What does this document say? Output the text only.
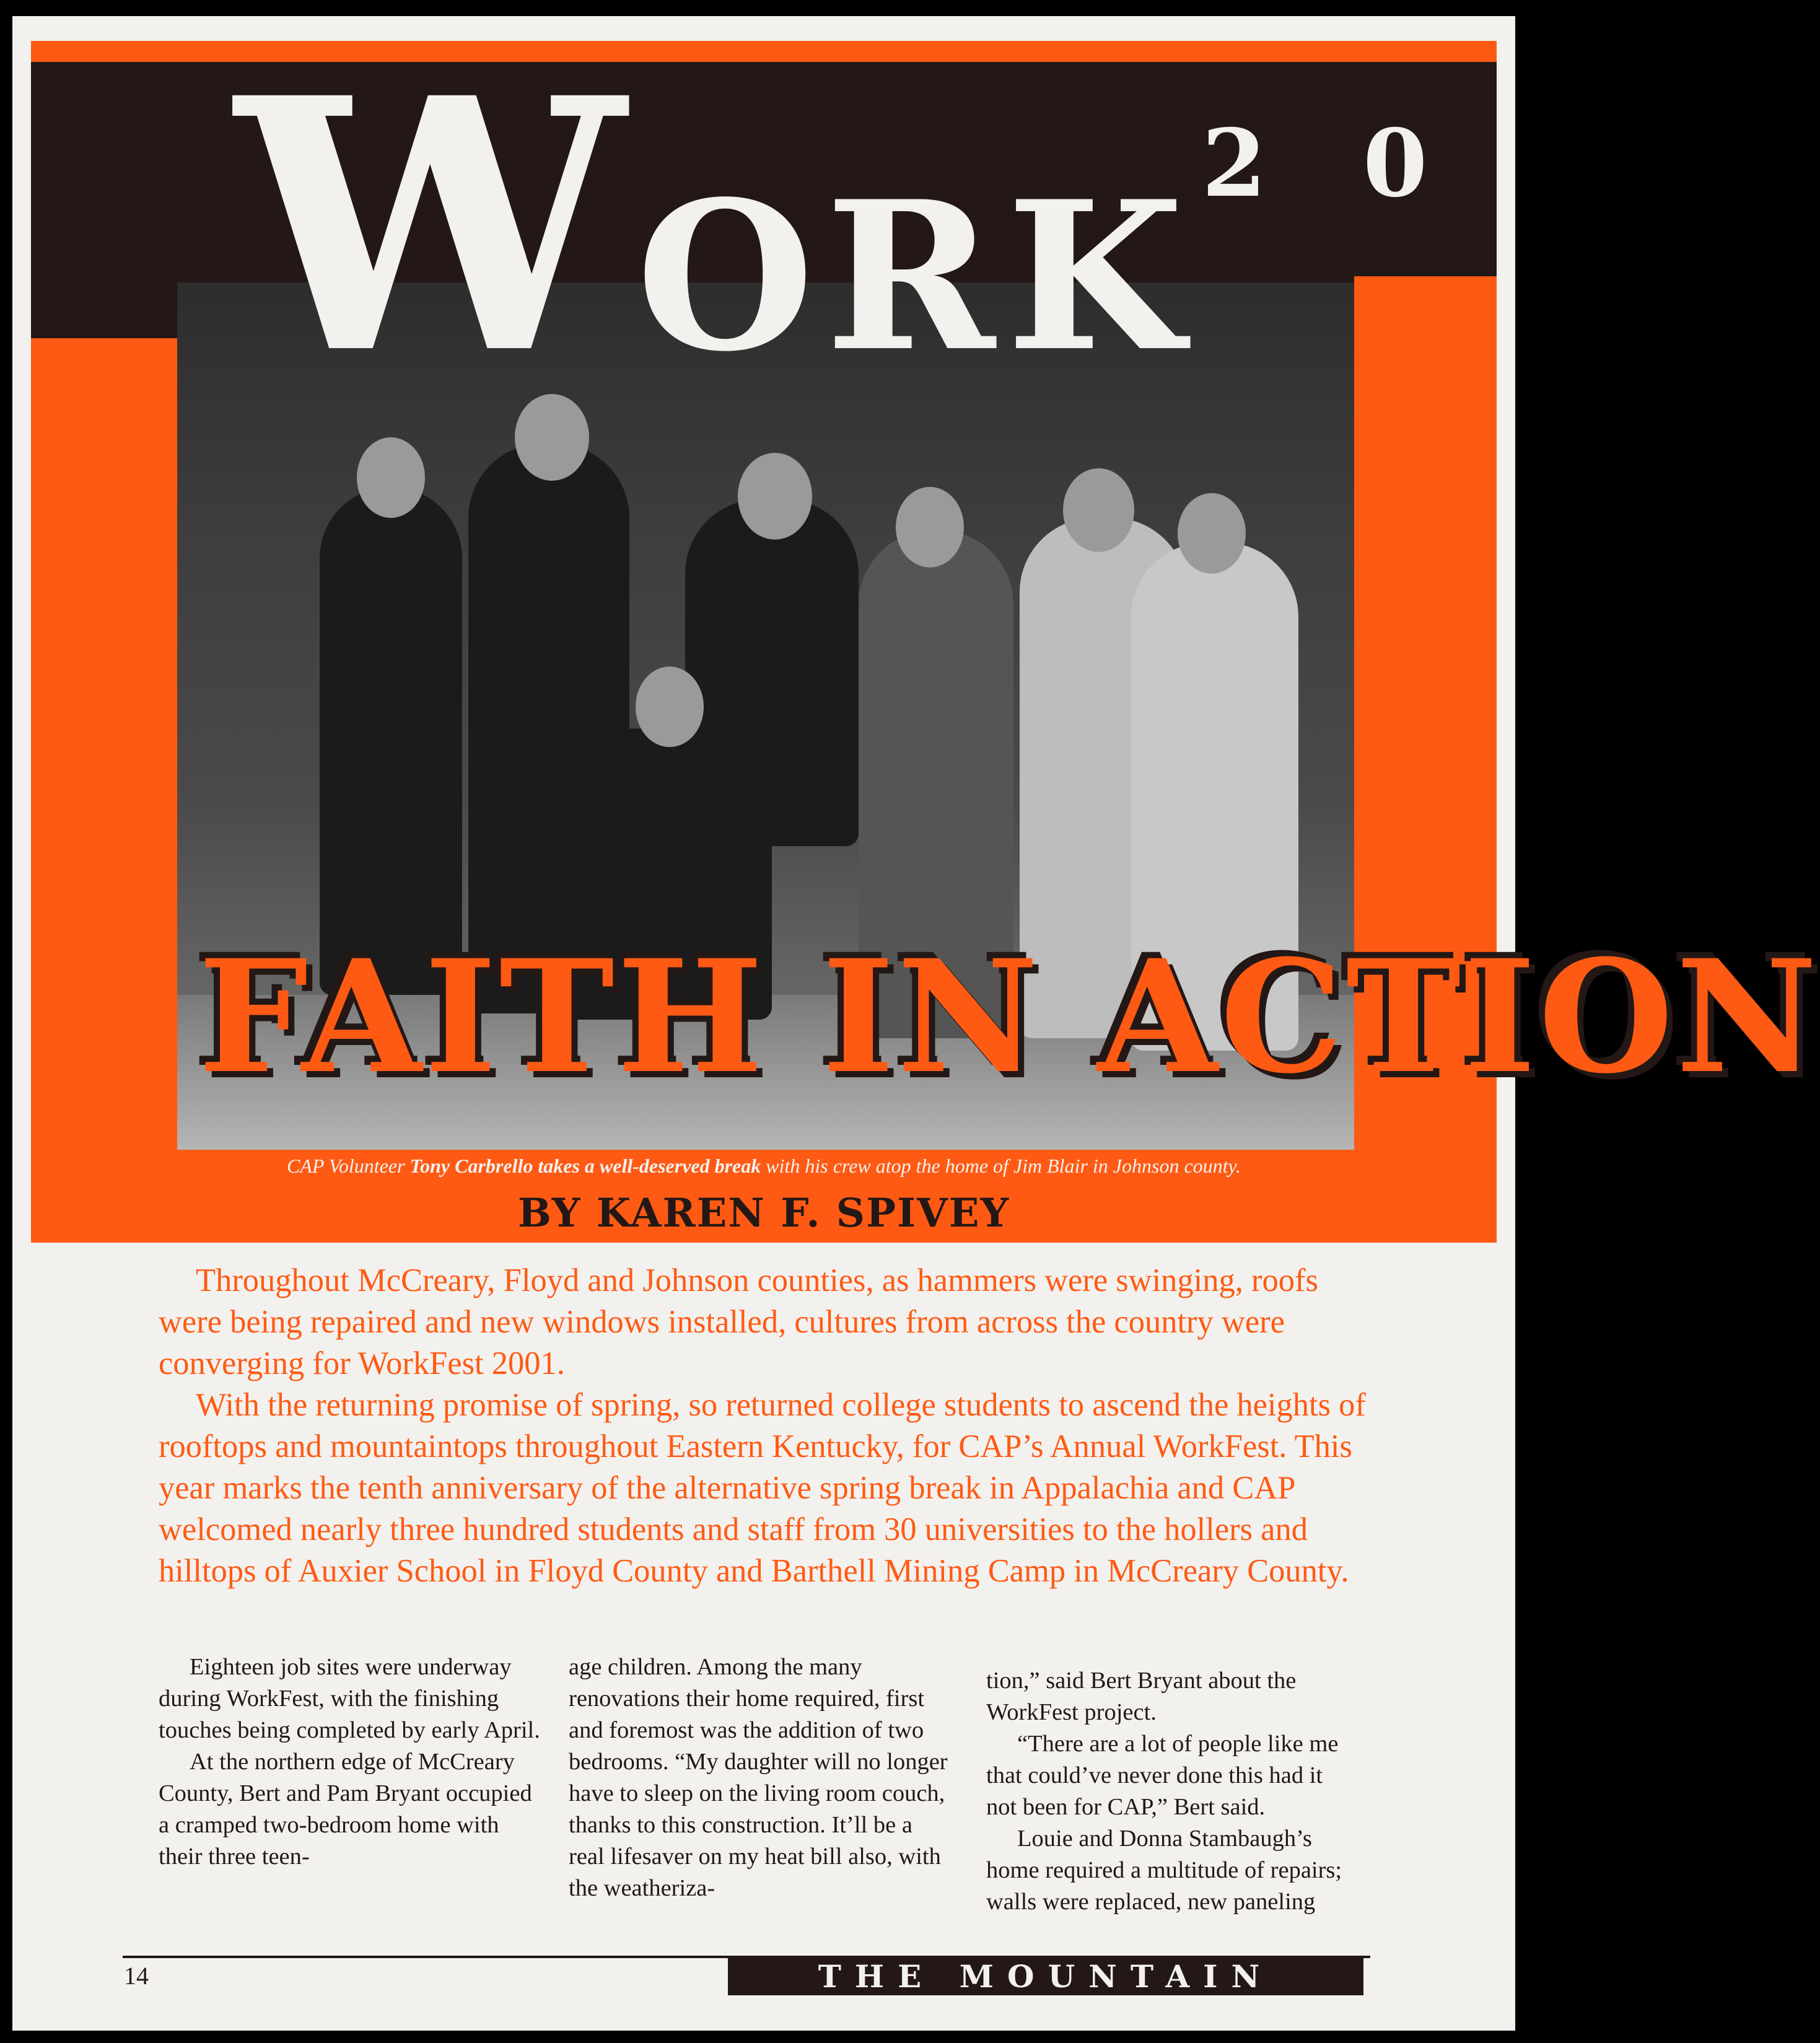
WORK 2 0
FAITH IN ACTION
CAP Volunteer Tony Carbrello takes a well-deserved break with his crew atop the home of Jim Blair in Johnson county.
BY KAREN F. SPIVEY

Throughout McCreary, Floyd and Johnson counties, as hammers were swinging, roofs were being repaired and new windows installed, cultures from across the country were converging for WorkFest 2001.

With the returning promise of spring, so returned college students to ascend the heights of rooftops and mountaintops throughout Eastern Kentucky, for CAP’s Annual WorkFest. This year marks the tenth anniversary of the alternative spring break in Appalachia and CAP welcomed nearly three hundred students and staff from 30 universities to the hollers and hilltops of Auxier School in Floyd County and Barthell Mining Camp in McCreary County.

Eighteen job sites were underway during WorkFest, with the finishing touches being completed by early April.

At the northern edge of McCreary County, Bert and Pam Bryant occupied a cramped two-bedroom home with their three teen-

age children. Among the many renovations their home required, first and foremost was the addition of two bedrooms. “My daughter will no longer have to sleep on the living room couch, thanks to this construction. It’ll be a real lifesaver on my heat bill also, with the weatheriza-

tion,” said Bert Bryant about the WorkFest project.

“There are a lot of people like me that could’ve never done this had it not been for CAP,” Bert said.

Louie and Donna Stambaugh’s home required a multitude of repairs; walls were replaced, new paneling

14	THE MOUNTAIN SPIRIT
